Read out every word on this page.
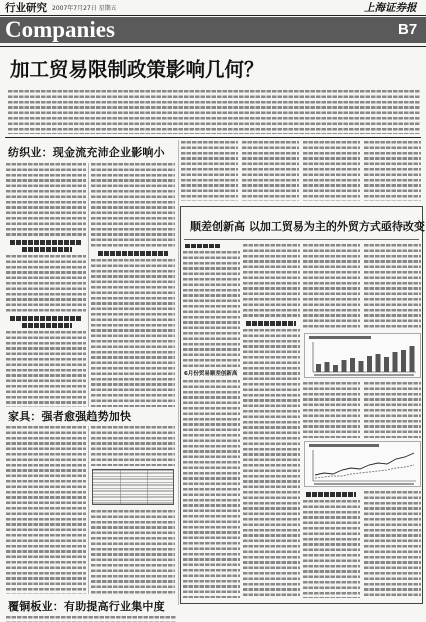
行业研究 2007年7月27日 星期五	上海证券报
Companies	B7
加工贸易限制政策影响几何？
纺织业：现金流充沛企业影响小
家具：强者愈强趋势加快
覆铜板业：有助提高行业集中度
顺差创新高 以加工贸易为主的外贸方式亟待改变
6月份贸易顺差创新高
